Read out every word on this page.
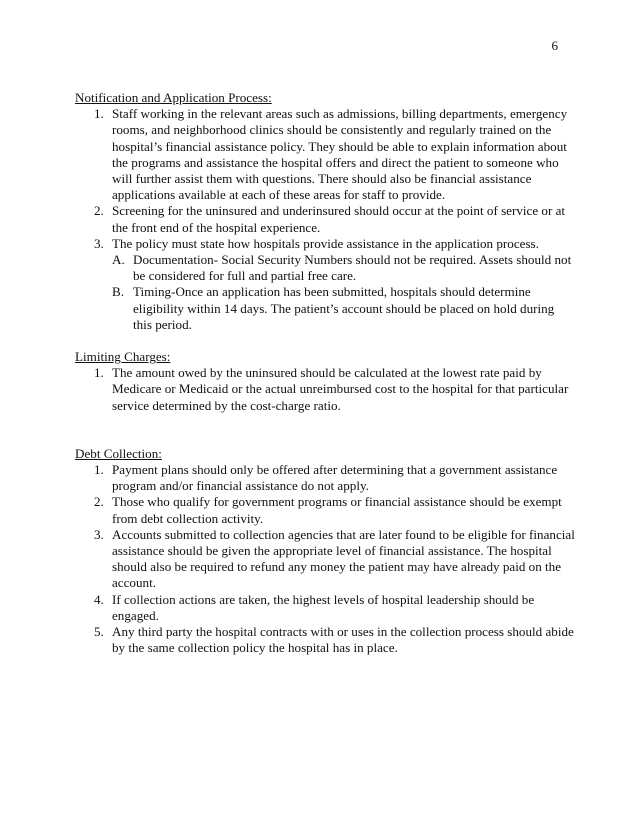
6

Notification and Application Process:

1. Staff working in the relevant areas such as admissions, billing departments, emergency rooms, and neighborhood clinics should be consistently and regularly trained on the hospital’s financial assistance policy. They should be able to explain information about the programs and assistance the hospital offers and direct the patient to someone who will further assist them with questions. There should also be financial assistance applications available at each of these areas for staff to provide.
2. Screening for the uninsured and underinsured should occur at the point of service or at the front end of the hospital experience.
3. The policy must state how hospitals provide assistance in the application process.
A. Documentation- Social Security Numbers should not be required. Assets should not be considered for full and partial free care.
B. Timing-Once an application has been submitted, hospitals should determine eligibility within 14 days. The patient’s account should be placed on hold during this period.

Limiting Charges:

1. The amount owed by the uninsured should be calculated at the lowest rate paid by Medicare or Medicaid or the actual unreimbursed cost to the hospital for that particular service determined by the cost-charge ratio.

Debt Collection:

1. Payment plans should only be offered after determining that a government assistance program and/or financial assistance do not apply.
2. Those who qualify for government programs or financial assistance should be exempt from debt collection activity.
3. Accounts submitted to collection agencies that are later found to be eligible for financial assistance should be given the appropriate level of financial assistance. The hospital should also be required to refund any money the patient may have already paid on the account.
4. If collection actions are taken, the highest levels of hospital leadership should be engaged.
5. Any third party the hospital contracts with or uses in the collection process should abide by the same collection policy the hospital has in place.
